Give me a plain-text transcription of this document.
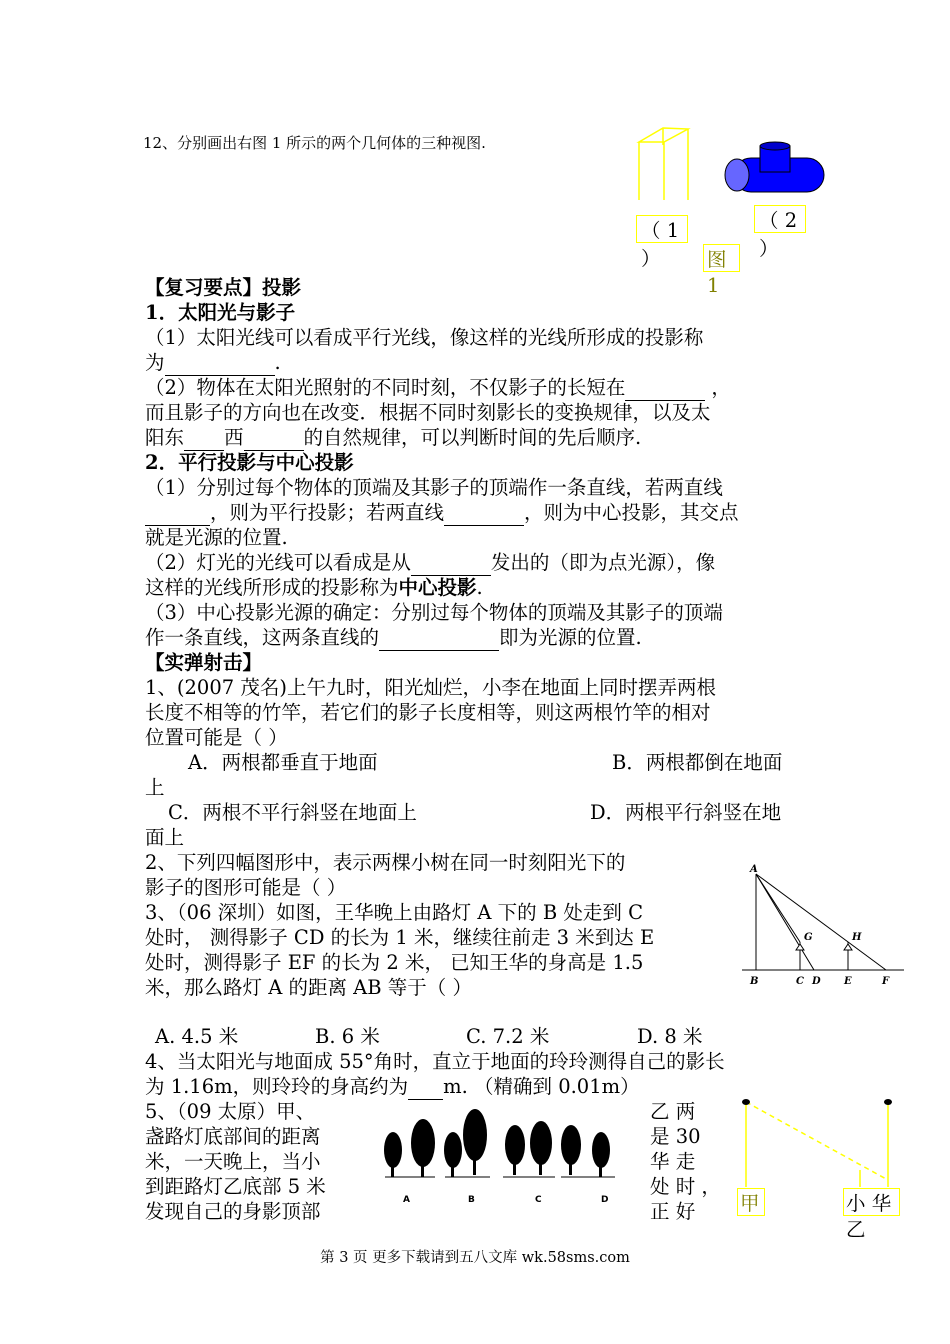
12、分别画出右图 1 所示的两个几何体的三种视图.
（ 1
）
（ 2
）
图
1
【复习要点】投影
1．太阳光与影子
（1）太阳光线可以看成平行光线，像这样的光线所形成的投影称
为	.
（2）物体在太阳光照射的不同时刻，不仅影子的长短在	，
而且影子的方向也在改变．根据不同时刻影长的变换规律，以及太
阳东 西	的自然规律，可以判断时间的先后顺序.
2．平行投影与中心投影
（1）分别过每个物体的顶端及其影子的顶端作一条直线，若两直线
，则为平行投影；若两直线	，则为中心投影，其交点
就是光源的位置.
（2）灯光的光线可以看成是从	发出的（即为点光源），像
这样的光线所形成的投影称为中心投影.
（3）中心投影光源的确定：分别过每个物体的顶端及其影子的顶端
作一条直线，这两条直线的	即为光源的位置.
【实弹射击】
1、(2007 茂名)上午九时，阳光灿烂，小李在地面上同时摆弄两根
长度不相等的竹竿，若它们的影子长度相等，则这两根竹竿的相对
位置可能是（ ）
A．两根都垂直于地面	B．两根都倒在地面
上
C．两根不平行斜竖在地面上	D．两根平行斜竖在地
面上
2、下列四幅图形中，表示两棵小树在同一时刻阳光下的
影子的图形可能是（ ）
3、（06 深圳）如图，王华晚上由路灯 A 下的 B 处走到 C
处时， 测得影子 CD 的长为 1 米，继续往前走 3 米到达 E
处时，测得影子 EF 的长为 2 米， 已知王华的身高是 1.5
米，那么路灯 A 的距离 AB 等于（ ）
A. 4.5 米	B. 6 米	C. 7.2 米	D. 8 米
4、当太阳光与地面成 55°角时，直立于地面的玲玲测得自己的影长
为 1.16m，则玲玲的身高约为 m. （精确到 0.01m）
5、（09 太原）甲、
盏路灯底部间的距离
米，一天晚上，当小
到距路灯乙底部 5 米
发现自己的身影顶部
乙 两
是 30
华 走
处 时 ，
正 好
A
B	C D E	F
G	H
A	B	C	D	甲	小 华
乙
第 3 页 更多下载请到五八文库 wk.58sms.com
